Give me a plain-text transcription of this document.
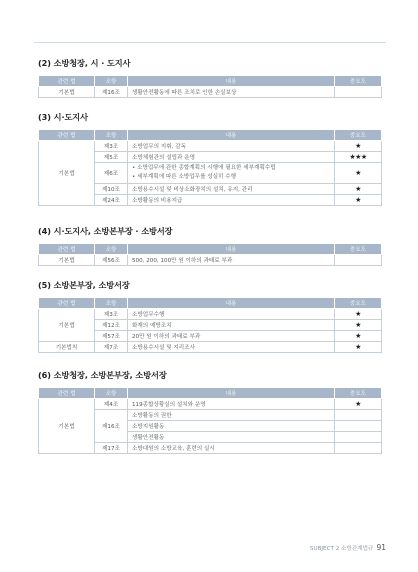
(2) 소방청장, 시 · 도지사
관련 법	조항	내용	중요도
기본법	제16조	생활안전활동에 따른 조치로 인한 손실보상	
(3) 시·도지사
관련 법	조항	내용	중요도
기본법	제3조	소방업무의 지휘, 감독	★
	제5조	소방체험관의 설립과 운영	★★★
	제6조	• 소방업무에 관한 종합계획의 시행에 필요한 세부계획수립
• 세부계획에 따른 소방업무를 성실히 수행	★
	제10조	소방용수시설 및 비상소화장치의 설치, 유지, 관리	★
	제24조	소방활동의 비용지급	★
(4) 시·도지사, 소방본부장 · 소방서장
관련 법	조항	내용	중요도
기본법	제56조	500, 200, 100만 원 이하의 과태료 부과	
(5) 소방본부장, 소방서장
관련 법	조항	내용	중요도
기본법	제3조	소방업무수행	★
	제12조	화재의 예방조치	★
	제57조	20만 원 이하의 과태료 부과	★
기본법칙	제7조	소방용수시설 및 지리조사	★
(6) 소방청장, 소방본부장, 소방서장
관련 법	조항	내용	중요도
기본법	제4조	119종합상황실의 설치와 운영	★
	제16조	소방활동의 권한	
		소방지원활동	
		생활안전활동	
	제17조	소방대원의 소방교육, 훈련의 실시	
SUBJECT 2 소방관계법규 91
